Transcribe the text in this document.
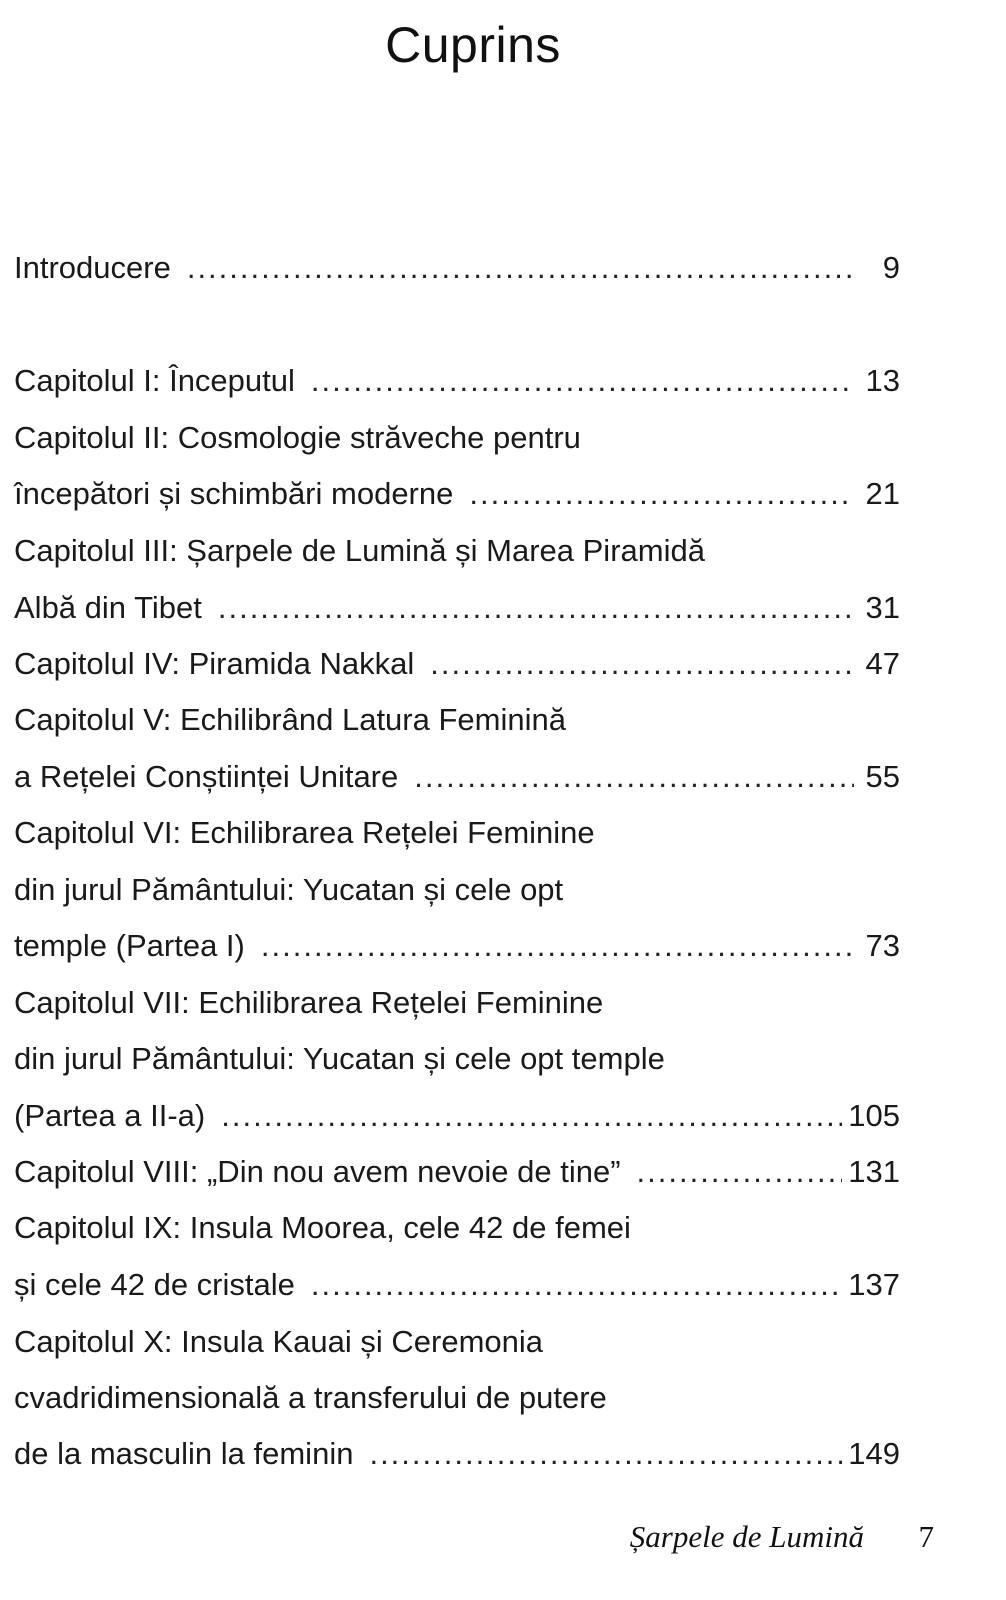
Cuprins
Introducere .....	9
Capitolul I: Începutul .....	13
Capitolul II: Cosmologie străveche pentru
începători și schimbări moderne .....	21
Capitolul III: Șarpele de Lumină și Marea Piramidă
Albă din Tibet .....	31
Capitolul IV: Piramida Nakkal .....	47
Capitolul V: Echilibrând Latura Feminină
a Rețelei Conștiinței Unitare .....	55
Capitolul VI: Echilibrarea Rețelei Feminine
din jurul Pământului: Yucatan și cele opt
temple (Partea I) .....	73
Capitolul VII: Echilibrarea Rețelei Feminine
din jurul Pământului: Yucatan și cele opt temple
(Partea a II-a) .....	105
Capitolul VIII: „Din nou avem nevoie de tine” .....	131
Capitolul IX: Insula Moorea, cele 42 de femei
și cele 42 de cristale .....	137
Capitolul X: Insula Kauai și Ceremonia
cvadridimensională a transferului de putere
de la masculin la feminin .....	149
Șarpele de Lumină 7
